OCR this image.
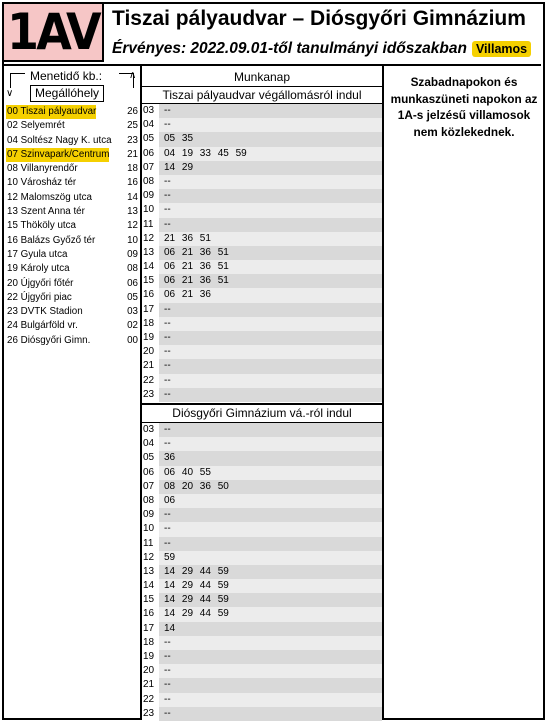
1AV Tiszai pályaudvar – Diósgyőri Gimnázium
Érvényes: 2022.09.01-től tanulmányi időszakban Villamos
∨
∧
Menetidő kb.:
Megállóhely
00 Tiszai pályaudvar	26
02 Selyemrét	25
04 Soltész Nagy K. utca 23
07 Szinvapark/Centrum 21
08 Villanyrendőr	18
10 Városház tér	16
12 Malomszög utca	14
13 Szent Anna tér	13
15 Thököly utca	12
16 Balázs Győző tér	10
17 Gyula utca	09
19 Károly utca	08
20 Újgyőri főtér	06
22 Újgyőri piac	05
23 DVTK Stadion	03
24 Bulgárföld vr.	02
26 Diósgyőri Gimn.	00
Munkanap
Tiszai pályaudvar végállomásról indul
03 --
04 --
05 05 35
06 04 19 33 45 59
07 14 29
08 --
09 --
10 --
11	--
12 21 36 51
13 06 21 36 51
14 06 21 36 51
15 06 21 36 51
16 06 21 36
17 --
18 --
19 --
20 --
21 --
22 --
23 --
Diósgyőri Gimnázium vá.-ról indul
03 --
04 --
05 36
06 06 40 55
07 08 20 36 50
08 06
09 --
10 --
11	--
12 59
13 14 29 44 59
14 14 29 44 59
15 14 29 44 59
16 14 29 44 59
17 14
18 --
19 --
20 --
21 --
22 --
23 --
Szabadnapokon és munkaszüneti napokon az 1A-s jelzésű villamosok nem közlekednek.
